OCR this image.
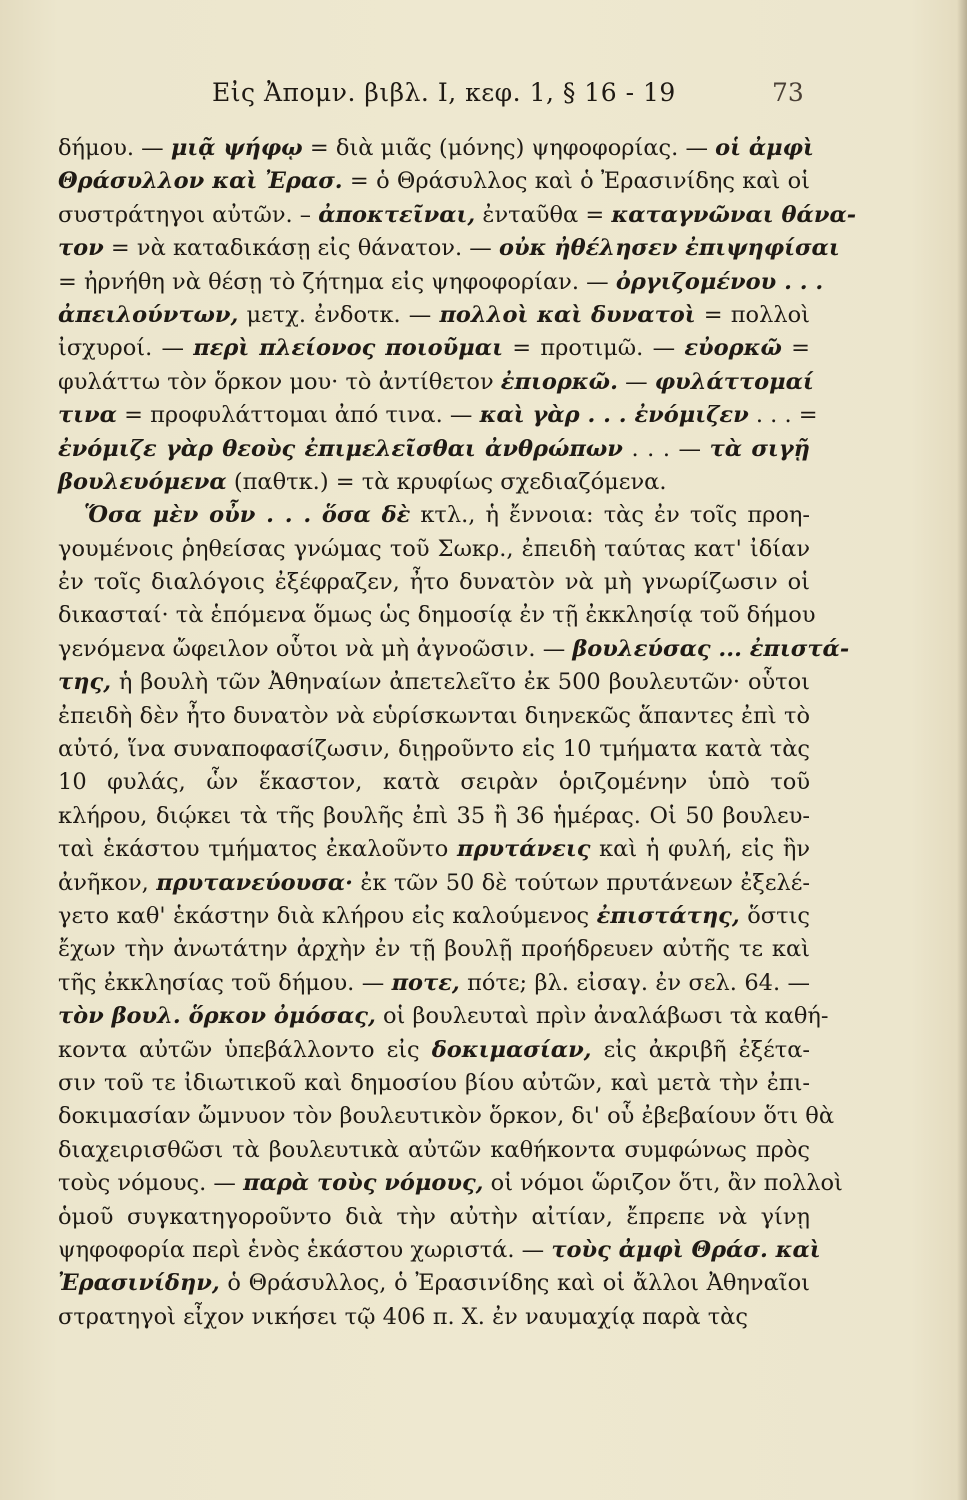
Εἰς Ἀπομν. βιβλ. Ι, κεφ. 1, § 16 - 19	73
δήμου. — μιᾷ ψήφῳ = διὰ μιᾶς (μόνης) ψηφοφορίας. — οἱ ἀμφὶ
Θράσυλλον καὶ Ἐρασ. = ὁ Θράσυλλος καὶ ὁ Ἐρασινίδης καὶ οἱ
συστράτηγοι αὐτῶν. – ἀποκτεῖναι, ἐνταῦθα = καταγνῶναι θάνα-
τον = νὰ καταδικάσῃ εἰς θάνατον. — οὐκ ἠθέλησεν ἐπιψηφίσαι
= ἠρνήθη νὰ θέσῃ τὸ ζήτημα εἰς ψηφοφορίαν. — ὀργιζομένου . . .
ἀπειλούντων, μετχ. ἐνδοτκ. — πολλοὶ καὶ δυνατοὶ = πολλοὶ
ἰσχυροί. — περὶ πλείονος ποιοῦμαι = προτιμῶ. — εὐορκῶ =
φυλάττω τὸν ὅρκον μου· τὸ ἀντίθετον ἐπιορκῶ. — φυλάττομαί
τινα = προφυλάττομαι ἀπό τινα. — καὶ γὰρ . . . ἐνόμιζεν . . . =
ἐνόμιζε γὰρ θεοὺς ἐπιμελεῖσθαι ἀνθρώπων . . . — τὰ σιγῇ
βουλευόμενα (παθτκ.) = τὰ κρυφίως σχεδιαζόμενα.
Ὅσα μὲν οὖν . . . ὅσα δὲ κτλ., ἡ ἔννοια: τὰς ἐν τοῖς προη-
γουμένοις ῥηθείσας γνώμας τοῦ Σωκρ., ἐπειδὴ ταύτας κατ' ἰδίαν
ἐν τοῖς διαλόγοις ἐξέφραζεν, ἦτο δυνατὸν νὰ μὴ γνωρίζωσιν οἱ
δικασταί· τὰ ἑπόμενα ὅμως ὡς δημοσίᾳ ἐν τῇ ἐκκλησίᾳ τοῦ δήμου
γενόμενα ὤφειλον οὗτοι νὰ μὴ ἀγνοῶσιν. — βουλεύσας ... ἐπιστά-
της, ἡ βουλὴ τῶν Ἀθηναίων ἀπετελεῖτο ἐκ 500 βουλευτῶν· οὗτοι
ἐπειδὴ δὲν ἦτο δυνατὸν νὰ εὑρίσκωνται διηνεκῶς ἅπαντες ἐπὶ τὸ
αὐτό, ἵνα συναποφασίζωσιν, διῃροῦντο εἰς 10 τμήματα κατὰ τὰς
10 φυλάς, ὧν ἕκαστον, κατὰ σειρὰν ὁριζομένην ὑπὸ τοῦ
κλήρου, διῴκει τὰ τῆς βουλῆς ἐπὶ 35 ἢ 36 ἡμέρας. Οἱ 50 βουλευ-
ταὶ ἑκάστου τμήματος ἐκαλοῦντο πρυτάνεις καὶ ἡ φυλή, εἰς ἣν
ἀνῆκον, πρυτανεύουσα· ἐκ τῶν 50 δὲ τούτων πρυτάνεων ἐξελέ-
γετο καθ' ἑκάστην διὰ κλήρου εἰς καλούμενος ἐπιστάτης, ὅστις
ἔχων τὴν ἀνωτάτην ἀρχὴν ἐν τῇ βουλῇ προήδρευεν αὐτῆς τε καὶ
τῆς ἐκκλησίας τοῦ δήμου. — ποτε, πότε; βλ. εἰσαγ. ἐν σελ. 64. —
τὸν βουλ. ὅρκον ὀμόσας, οἱ βουλευταὶ πρὶν ἀναλάβωσι τὰ καθή-
κοντα αὐτῶν ὑπεβάλλοντο εἰς δοκιμασίαν, εἰς ἀκριβῆ ἐξέτα-
σιν τοῦ τε ἰδιωτικοῦ καὶ δημοσίου βίου αὐτῶν, καὶ μετὰ τὴν ἐπι-
δοκιμασίαν ὤμνυον τὸν βουλευτικὸν ὅρκον, δι' οὗ ἐβεβαίουν ὅτι θὰ
διαχειρισθῶσι τὰ βουλευτικὰ αὐτῶν καθήκοντα συμφώνως πρὸς
τοὺς νόμους. — παρὰ τοὺς νόμους, οἱ νόμοι ὥριζον ὅτι, ἂν πολλοὶ
ὁμοῦ συγκατηγοροῦντο διὰ τὴν αὐτὴν αἰτίαν, ἔπρεπε νὰ γίνῃ
ψηφοφορία περὶ ἑνὸς ἑκάστου χωριστά. — τοὺς ἀμφὶ Θράσ. καὶ
Ἐρασινίδην, ὁ Θράσυλλος, ὁ Ἐρασινίδης καὶ οἱ ἄλλοι Ἀθηναῖοι
στρατηγοὶ εἶχον νικήσει τῷ 406 π. Χ. ἐν ναυμαχίᾳ παρὰ τὰς
